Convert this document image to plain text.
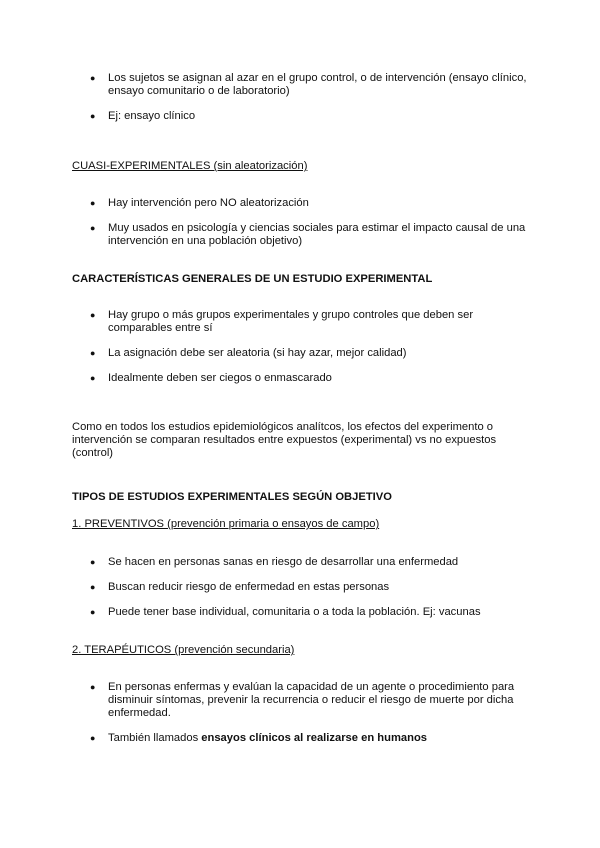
● Los sujetos se asignan al azar en el grupo control, o de intervención (ensayo clínico, ensayo comunitario o de laboratorio)
● Ej: ensayo clínico

CUASI-EXPERIMENTALES (sin aleatorización)

● Hay intervención pero NO aleatorización
● Muy usados en psicología y ciencias sociales para estimar el impacto causal de una intervención en una población objetivo)

CARACTERÍSTICAS GENERALES DE UN ESTUDIO EXPERIMENTAL

● Hay grupo o más grupos experimentales y grupo controles que deben ser comparables entre sí
● La asignación debe ser aleatoria (si hay azar, mejor calidad)
● Idealmente deben ser ciegos o enmascarado

Como en todos los estudios epidemiológicos analítcos, los efectos del experimento o intervención se comparan resultados entre expuestos (experimental) vs no expuestos (control)

TIPOS DE ESTUDIOS EXPERIMENTALES SEGÚN OBJETIVO

1. PREVENTIVOS (prevención primaria o ensayos de campo)

● Se hacen en personas sanas en riesgo de desarrollar una enfermedad
● Buscan reducir riesgo de enfermedad en estas personas
● Puede tener base individual, comunitaria o a toda la población. Ej: vacunas

2. TERAPÉUTICOS (prevención secundaria)

● En personas enfermas y evalúan la capacidad de un agente o procedimiento para disminuir síntomas, prevenir la recurrencia o reducir el riesgo de muerte por dicha enfermedad.
● También llamados ensayos clínicos al realizarse en humanos
